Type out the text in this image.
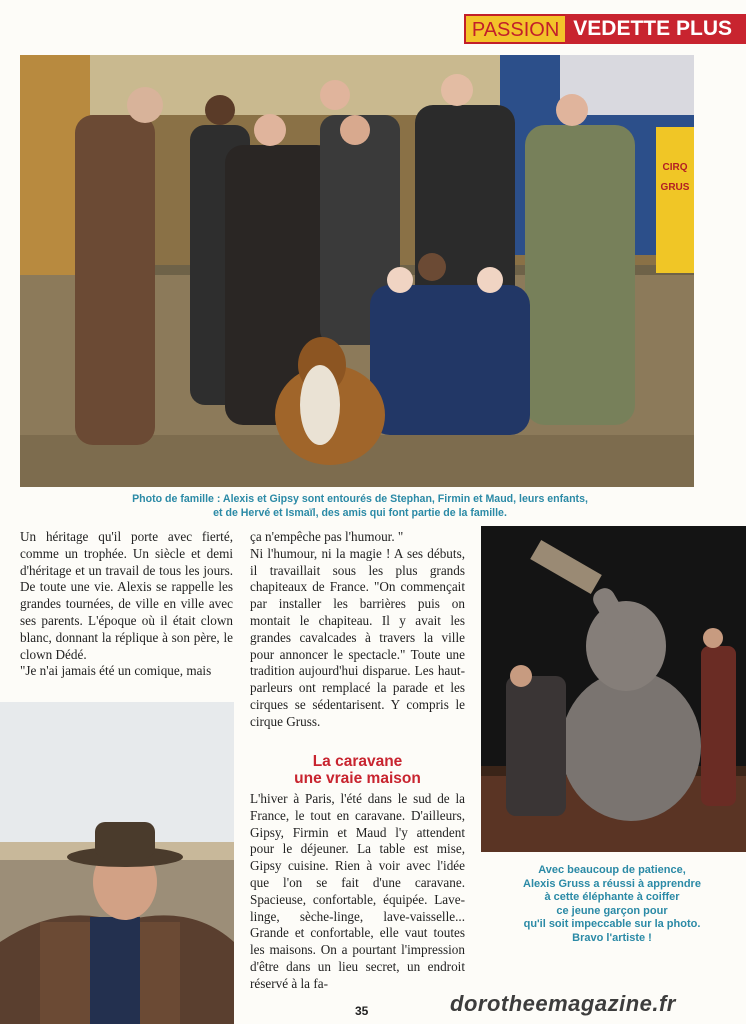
PASSION VEDETTE PLUS
CIRQ
GRUS
Photo de famille : Alexis et Gipsy sont entourés de Stephan, Firmin et Maud, leurs enfants,
et de Hervé et Ismaïl, des amis qui font partie de la famille.

Un héritage qu'il porte avec fierté, comme un trophée. Un siècle et demi d'héritage et un travail de tous les jours. De toute une vie. Alexis se rappelle les grandes tournées, de ville en ville avec ses parents. L'époque où il était clown blanc, donnant la réplique à son père, le clown Dédé.

"Je n'ai jamais été un comique, mais

ça n'empêche pas l'humour. "

Ni l'humour, ni la magie ! A ses débuts, il travaillait sous les plus grands chapiteaux de France. "On commençait par installer les barrières puis on montait le chapiteau. Il y avait les grandes cavalcades à travers la ville pour annoncer le spectacle." Toute une tradition aujourd'hui disparue. Les haut-parleurs ont remplacé la parade et les cirques se sédentarisent. Y compris le cirque Gruss.

La caravane
une vraie maison

L'hiver à Paris, l'été dans le sud de la France, le tout en caravane. D'ailleurs, Gipsy, Firmin et Maud l'y attendent pour le déjeuner. La table est mise, Gipsy cuisine. Rien à voir avec l'idée que l'on se fait d'une caravane. Spacieuse, confortable, équipée. Lave-linge, sèche-linge, lave-vaisselle... Grande et confortable, elle vaut toutes les maisons. On a pourtant l'impression d'être dans un lieu secret, un endroit réservé à la fa-

Avec beaucoup de patience,
Alexis Gruss a réussi à apprendre
à cette éléphante à coiffer
ce jeune garçon pour
qu'il soit impeccable sur la photo.
Bravo l'artiste !
35	dorotheemagazine.fr
